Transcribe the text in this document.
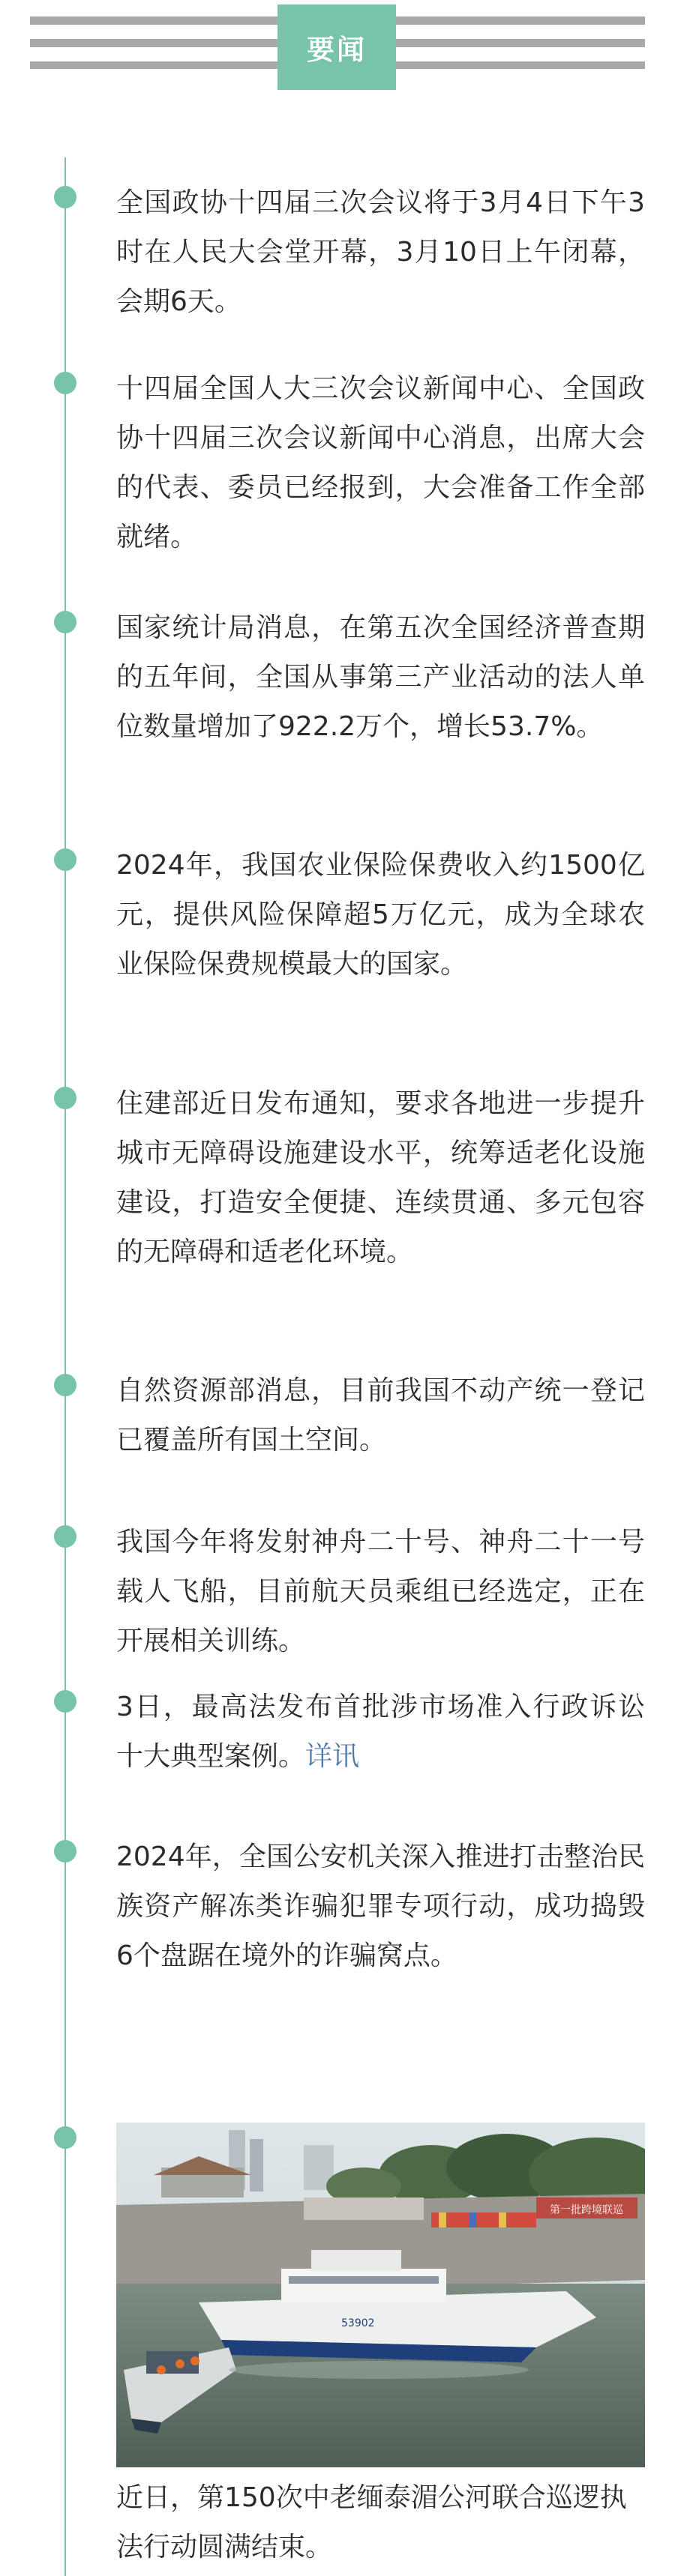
要闻

全国政协十四届三次会议将于3月4日下午3时在人民大会堂开幕，3月10日上午闭幕，会期6天。

十四届全国人大三次会议新闻中心、全国政协十四届三次会议新闻中心消息，出席大会的代表、委员已经报到，大会准备工作全部就绪。

国家统计局消息，在第五次全国经济普查期的五年间，全国从事第三产业活动的法人单位数量增加了922.2万个，增长53.7%。

2024年，我国农业保险保费收入约1500亿元，提供风险保障超5万亿元，成为全球农业保险保费规模最大的国家。

住建部近日发布通知，要求各地进一步提升城市无障碍设施建设水平，统筹适老化设施建设，打造安全便捷、连续贯通、多元包容的无障碍和适老化环境。

自然资源部消息，目前我国不动产统一登记已覆盖所有国土空间。

我国今年将发射神舟二十号、神舟二十一号载人飞船，目前航天员乘组已经选定，正在开展相关训练。

3日，最高法发布首批涉市场准入行政诉讼十大典型案例。详讯

2024年，全国公安机关深入推进打击整治民族资产解冻类诈骗犯罪专项行动，成功捣毁6个盘踞在境外的诈骗窝点。

第一批跨境联巡
53902

近日，第150次中老缅泰湄公河联合巡逻执法行动圆满结束。
